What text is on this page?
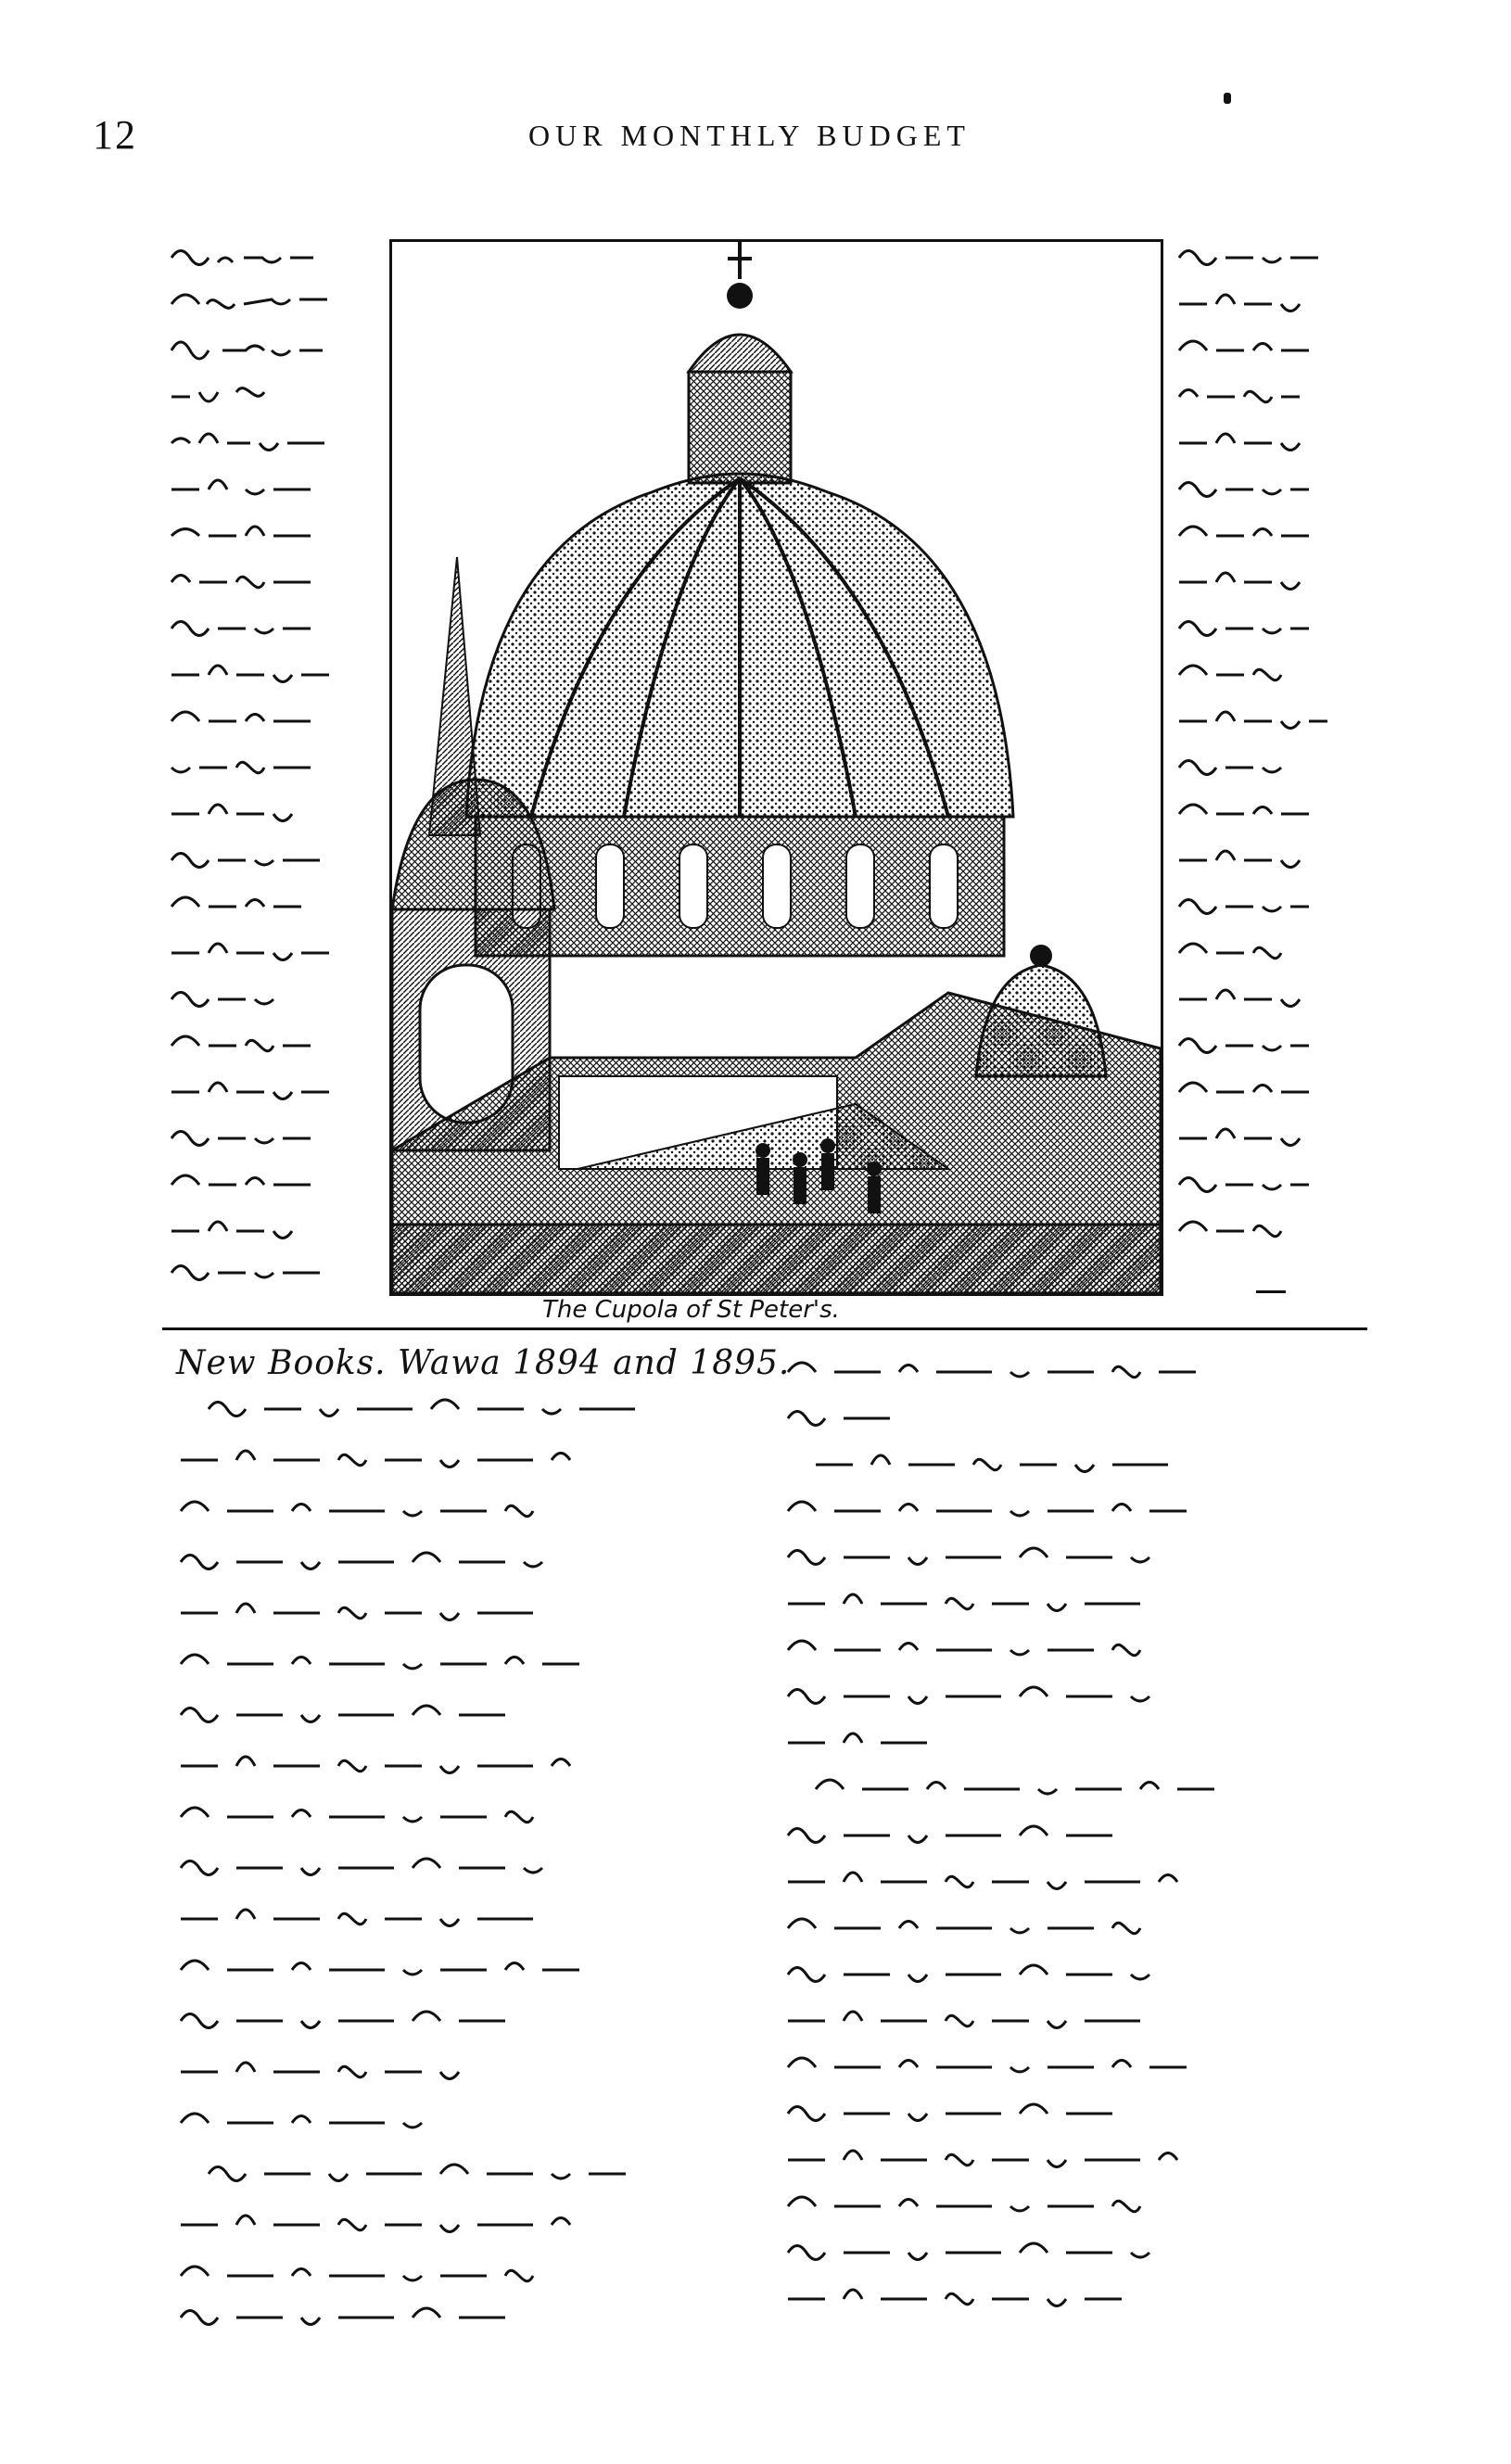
12	OUR MONTHLY BUDGET
The Cupola of St Peter's.
New Books. Wawa 1894 and 1895.
